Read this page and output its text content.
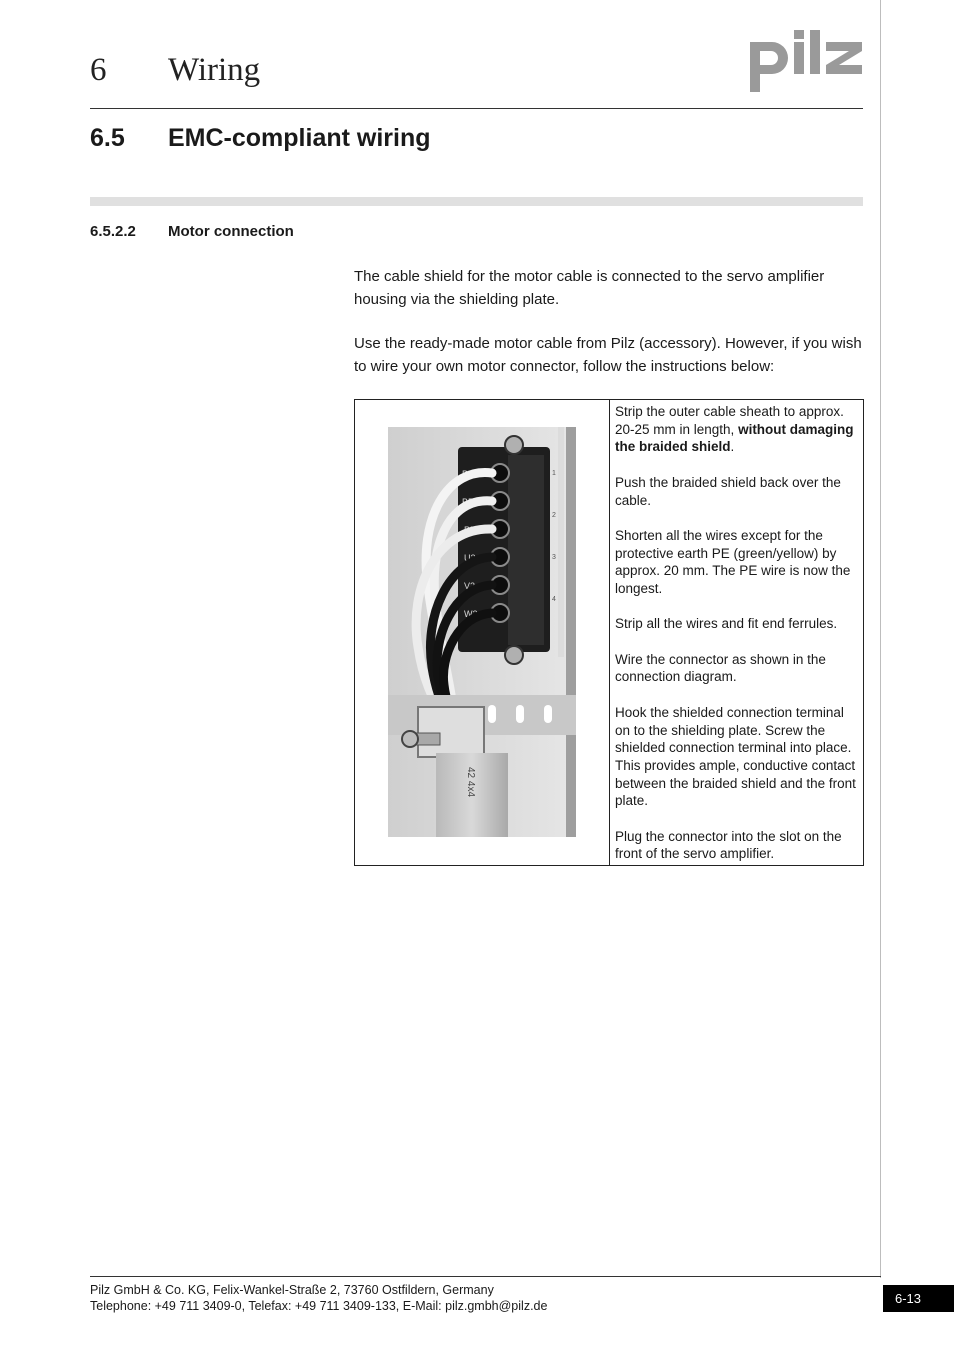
6 Wiring
6.5 EMC-compliant wiring
6.5.2.2 Motor connection
The cable shield for the motor cable is connected to the servo amplifier housing via the shielding plate.
Use the ready-made motor cable from Pilz (accessory). However, if you wish to wire your own motor connector, follow the instructions below:
1
2
3
4
BR-
BR+
PE
U2
V2
W2
42 4x4

Strip the outer cable sheath to approx. 20-25 mm in length, without damaging the braided shield.

Push the braided shield back over the cable.

Shorten all the wires except for the protective earth PE (green/yellow) by approx. 20 mm. The PE wire is now the longest.

Strip all the wires and fit end ferrules.

Wire the connector as shown in the connection diagram.

Hook the shielded connection terminal on to the shielding plate. Screw the shielded connection terminal into place. This provides ample, conductive contact between the braided shield and the front plate.

Plug the connector into the slot on the front of the servo amplifier.

Pilz GmbH & Co. KG, Felix-Wankel-Straße 2, 73760 Ostfildern, Germany
Telephone: +49 711 3409-0, Telefax: +49 711 3409-133, E-Mail: pilz.gmbh@pilz.de	6-13
